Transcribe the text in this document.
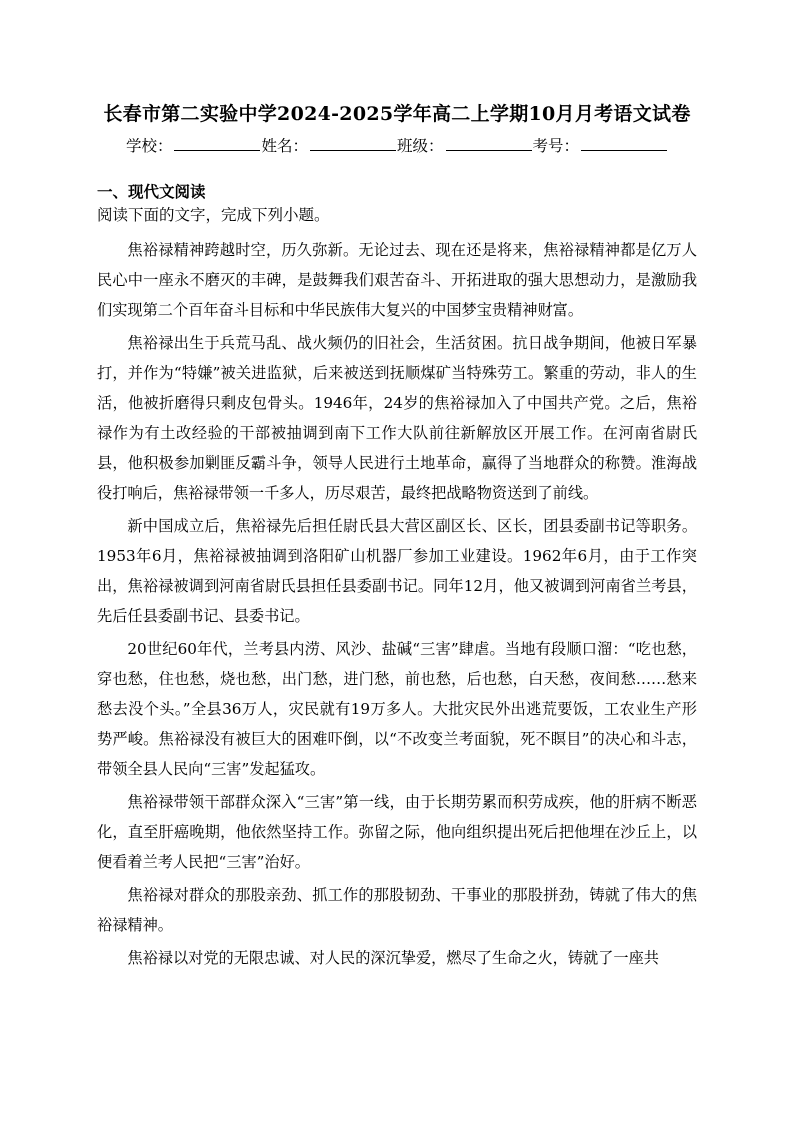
长春市第二实验中学2024-2025学年高二上学期10月月考语文试卷
学校：	姓名：	班级：	考号：
一、现代文阅读
阅读下面的文字，完成下列小题。

焦裕禄精神跨越时空，历久弥新。无论过去、现在还是将来，焦裕禄精神都是亿万人民心中一座永不磨灭的丰碑，是鼓舞我们艰苦奋斗、开拓进取的强大思想动力，是激励我们实现第二个百年奋斗目标和中华民族伟大复兴的中国梦宝贵精神财富。

焦裕禄出生于兵荒马乱、战火频仍的旧社会，生活贫困。抗日战争期间，他被日军暴打，并作为“特嫌”被关进监狱，后来被送到抚顺煤矿当特殊劳工。繁重的劳动，非人的生活，他被折磨得只剩皮包骨头。1946年，24岁的焦裕禄加入了中国共产党。之后，焦裕禄作为有土改经验的干部被抽调到南下工作大队前往新解放区开展工作。在河南省尉氏县，他积极参加剿匪反霸斗争，领导人民进行土地革命，赢得了当地群众的称赞。淮海战役打响后，焦裕禄带领一千多人，历尽艰苦，最终把战略物资送到了前线。

新中国成立后，焦裕禄先后担任尉氏县大营区副区长、区长，团县委副书记等职务。1953年6月，焦裕禄被抽调到洛阳矿山机器厂参加工业建设。1962年6月，由于工作突出，焦裕禄被调到河南省尉氏县担任县委副书记。同年12月，他又被调到河南省兰考县，先后任县委副书记、县委书记。

20世纪60年代，兰考县内涝、风沙、盐碱“三害”肆虐。当地有段顺口溜：“吃也愁，穿也愁，住也愁，烧也愁，出门愁，进门愁，前也愁，后也愁，白天愁，夜间愁……愁来愁去没个头。”全县36万人，灾民就有19万多人。大批灾民外出逃荒要饭，工农业生产形势严峻。焦裕禄没有被巨大的困难吓倒，以“不改变兰考面貌，死不瞑目”的决心和斗志，带领全县人民向“三害”发起猛攻。

焦裕禄带领干部群众深入“三害”第一线，由于长期劳累而积劳成疾，他的肝病不断恶化，直至肝癌晚期，他依然坚持工作。弥留之际，他向组织提出死后把他埋在沙丘上，以便看着兰考人民把“三害”治好。

焦裕禄对群众的那股亲劲、抓工作的那股韧劲、干事业的那股拼劲，铸就了伟大的焦裕禄精神。

焦裕禄以对党的无限忠诚、对人民的深沉挚爱，燃尽了生命之火，铸就了一座共
